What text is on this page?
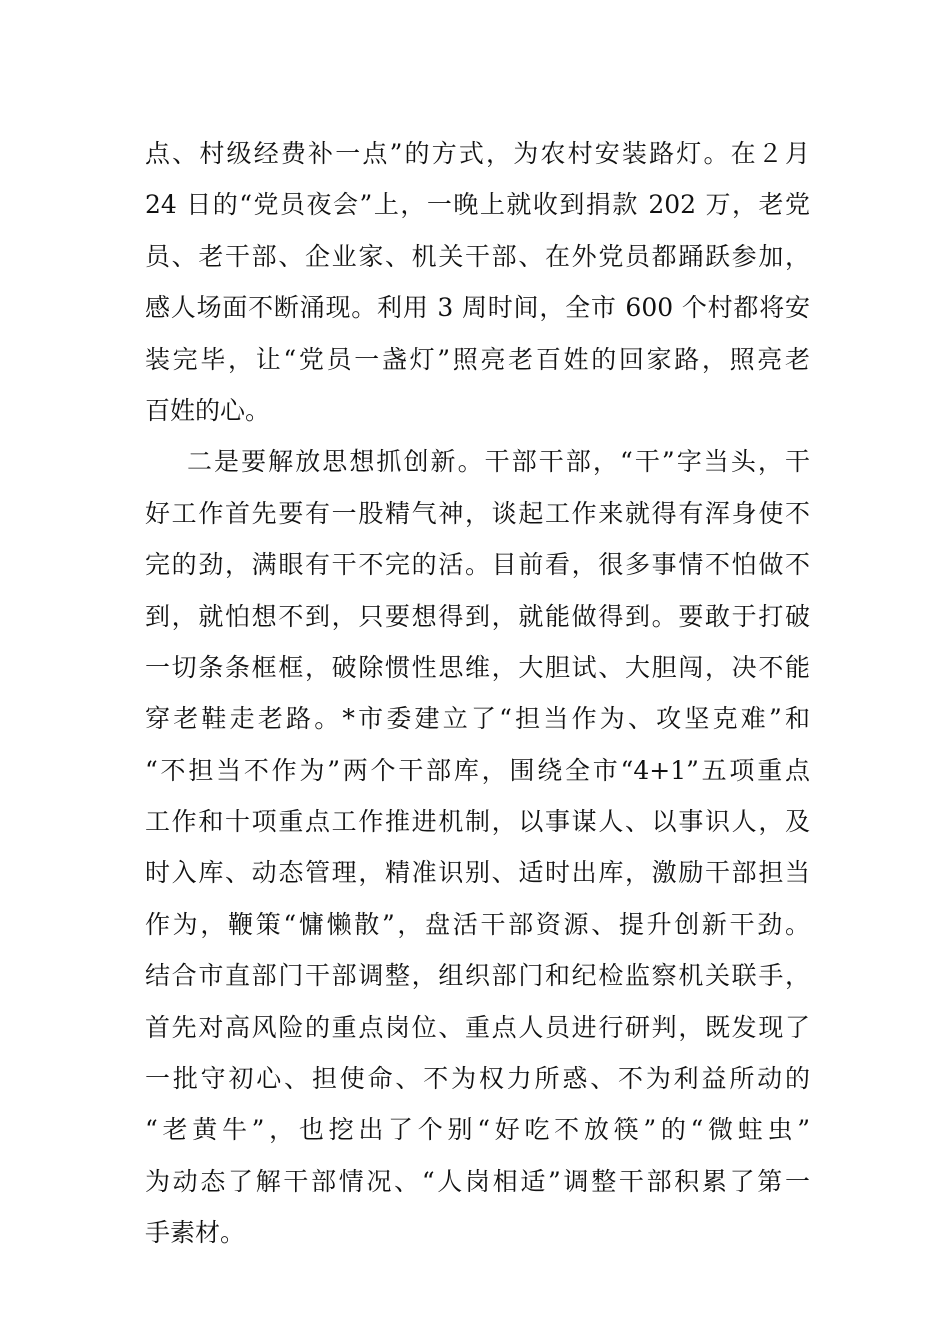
点、村级经费补一点”的方式，为农村安装路灯。在２月
24 日的“党员夜会”上，一晚上就收到捐款 202 万，老党
员、老干部、企业家、机关干部、在外党员都踊跃参加，
感人场面不断涌现。利用 3 周时间，全市 600 个村都将安
装完毕，让“党员一盏灯”照亮老百姓的回家路，照亮老
百姓的心。
二是要解放思想抓创新。干部干部，“干”字当头，干
好工作首先要有一股精气神，谈起工作来就得有浑身使不
完的劲，满眼有干不完的活。目前看，很多事情不怕做不
到，就怕想不到，只要想得到，就能做得到。要敢于打破
一切条条框框，破除惯性思维，大胆试、大胆闯，决不能
穿老鞋走老路。*市委建立了“担当作为、攻坚克难”和
“不担当不作为”两个干部库，围绕全市“4+1”五项重点
工作和十项重点工作推进机制，以事谋人、以事识人，及
时入库、动态管理，精准识别、适时出库，激励干部担当
作为，鞭策“慵懒散”，盘活干部资源、提升创新干劲。
结合市直部门干部调整，组织部门和纪检监察机关联手，
首先对高风险的重点岗位、重点人员进行研判，既发现了
一批守初心、担使命、不为权力所惑、不为利益所动的
“老黄牛”，也挖出了个别“好吃不放筷”的“微蛀虫”
为动态了解干部情况、“人岗相适”调整干部积累了第一
手素材。
